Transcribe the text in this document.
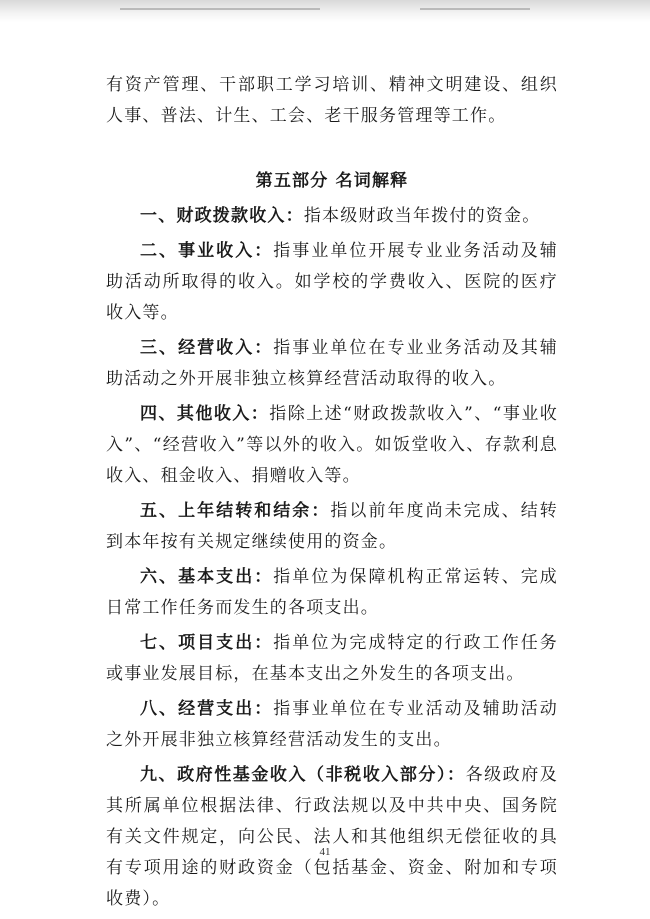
有资产管理、干部职工学习培训、精神文明建设、组织人事、普法、计生、工会、老干服务管理等工作。

第五部分 名词解释

一、财政拨款收入：指本级财政当年拨付的资金。

二、事业收入：指事业单位开展专业业务活动及辅助活动所取得的收入。如学校的学费收入、医院的医疗收入等。

三、经营收入：指事业单位在专业业务活动及其辅助活动之外开展非独立核算经营活动取得的收入。

四、其他收入：指除上述“财政拨款收入”、“事业收入”、“经营收入”等以外的收入。如饭堂收入、存款利息收入、租金收入、捐赠收入等。

五、上年结转和结余：指以前年度尚未完成、结转到本年按有关规定继续使用的资金。

六、基本支出：指单位为保障机构正常运转、完成日常工作任务而发生的各项支出。

七、项目支出：指单位为完成特定的行政工作任务或事业发展目标，在基本支出之外发生的各项支出。

八、经营支出：指事业单位在专业活动及辅助活动之外开展非独立核算经营活动发生的支出。

九、政府性基金收入（非税收入部分）：各级政府及其所属单位根据法律、行政法规以及中共中央、国务院有关文件规定，向公民、法人和其他组织无偿征收的具有专项用途的财政资金（包括基金、资金、附加和专项收费）。

41
